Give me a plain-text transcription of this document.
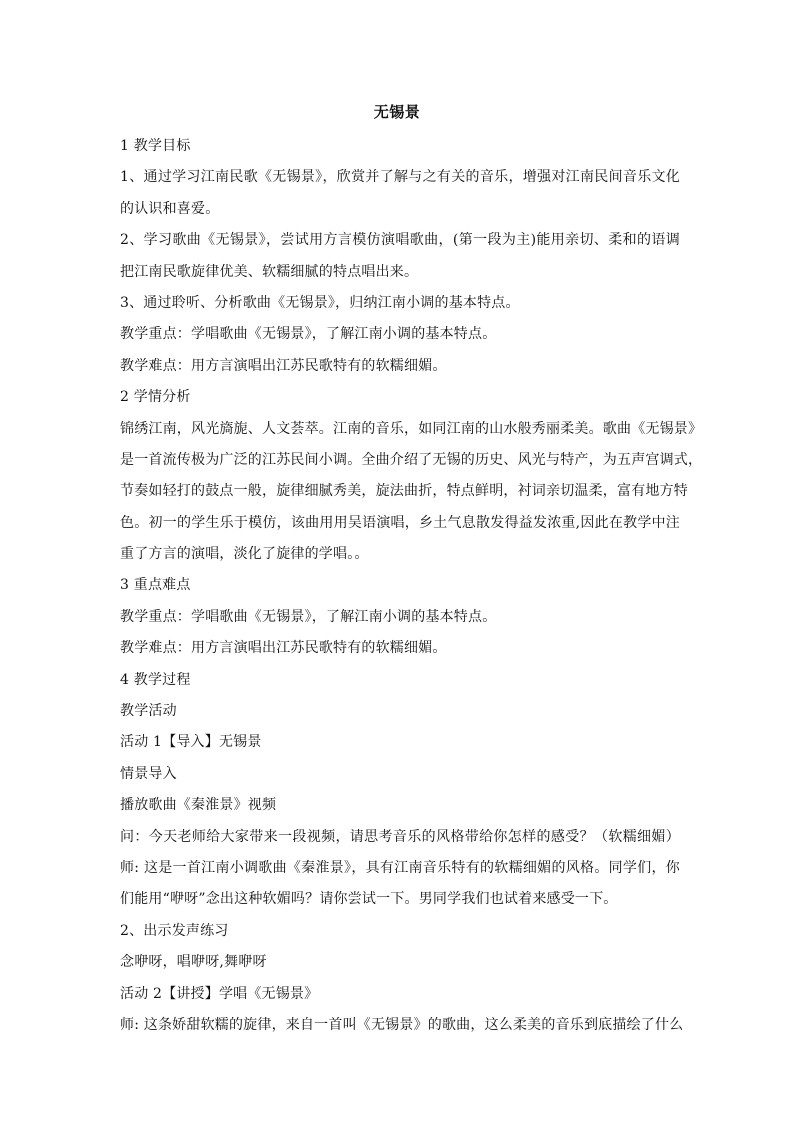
无锡景
1 教学目标
1、通过学习江南民歌《无锡景》，欣赏并了解与之有关的音乐，增强对江南民间音乐文化
的认识和喜爱。
2、学习歌曲《无锡景》，尝试用方言模仿演唱歌曲，(第一段为主)能用亲切、柔和的语调
把江南民歌旋律优美、软糯细腻的特点唱出来。
3、通过聆听、分析歌曲《无锡景》，归纳江南小调的基本特点。
教学重点：学唱歌曲《无锡景》，了解江南小调的基本特点。
教学难点：用方言演唱出江苏民歌特有的软糯细媚。
2 学情分析
锦绣江南，风光旖旎、人文荟萃。江南的音乐，如同江南的山水般秀丽柔美。歌曲《无锡景》
是一首流传极为广泛的江苏民间小调。全曲介绍了无锡的历史、风光与特产，为五声宫调式，
节奏如轻打的鼓点一般，旋律细腻秀美，旋法曲折，特点鲜明，衬词亲切温柔，富有地方特
色。初一的学生乐于模仿，该曲用用吴语演唱，乡土气息散发得益发浓重,因此在教学中注
重了方言的演唱，淡化了旋律的学唱。。
3 重点难点
教学重点：学唱歌曲《无锡景》，了解江南小调的基本特点。
教学难点：用方言演唱出江苏民歌特有的软糯细媚。
4 教学过程
教学活动
活动 1【导入】无锡景
情景导入
播放歌曲《秦淮景》视频
问：今天老师给大家带来一段视频，请思考音乐的风格带给你怎样的感受？（软糯细媚）
师: 这是一首江南小调歌曲《秦淮景》，具有江南音乐特有的软糯细媚的风格。同学们，你
们能用“咿呀”念出这种软媚吗？请你尝试一下。男同学我们也试着来感受一下。
2、出示发声练习
念咿呀，唱咿呀,舞咿呀
活动 2【讲授】学唱《无锡景》
师: 这条娇甜软糯的旋律，来自一首叫《无锡景》的歌曲，这么柔美的音乐到底描绘了什么
